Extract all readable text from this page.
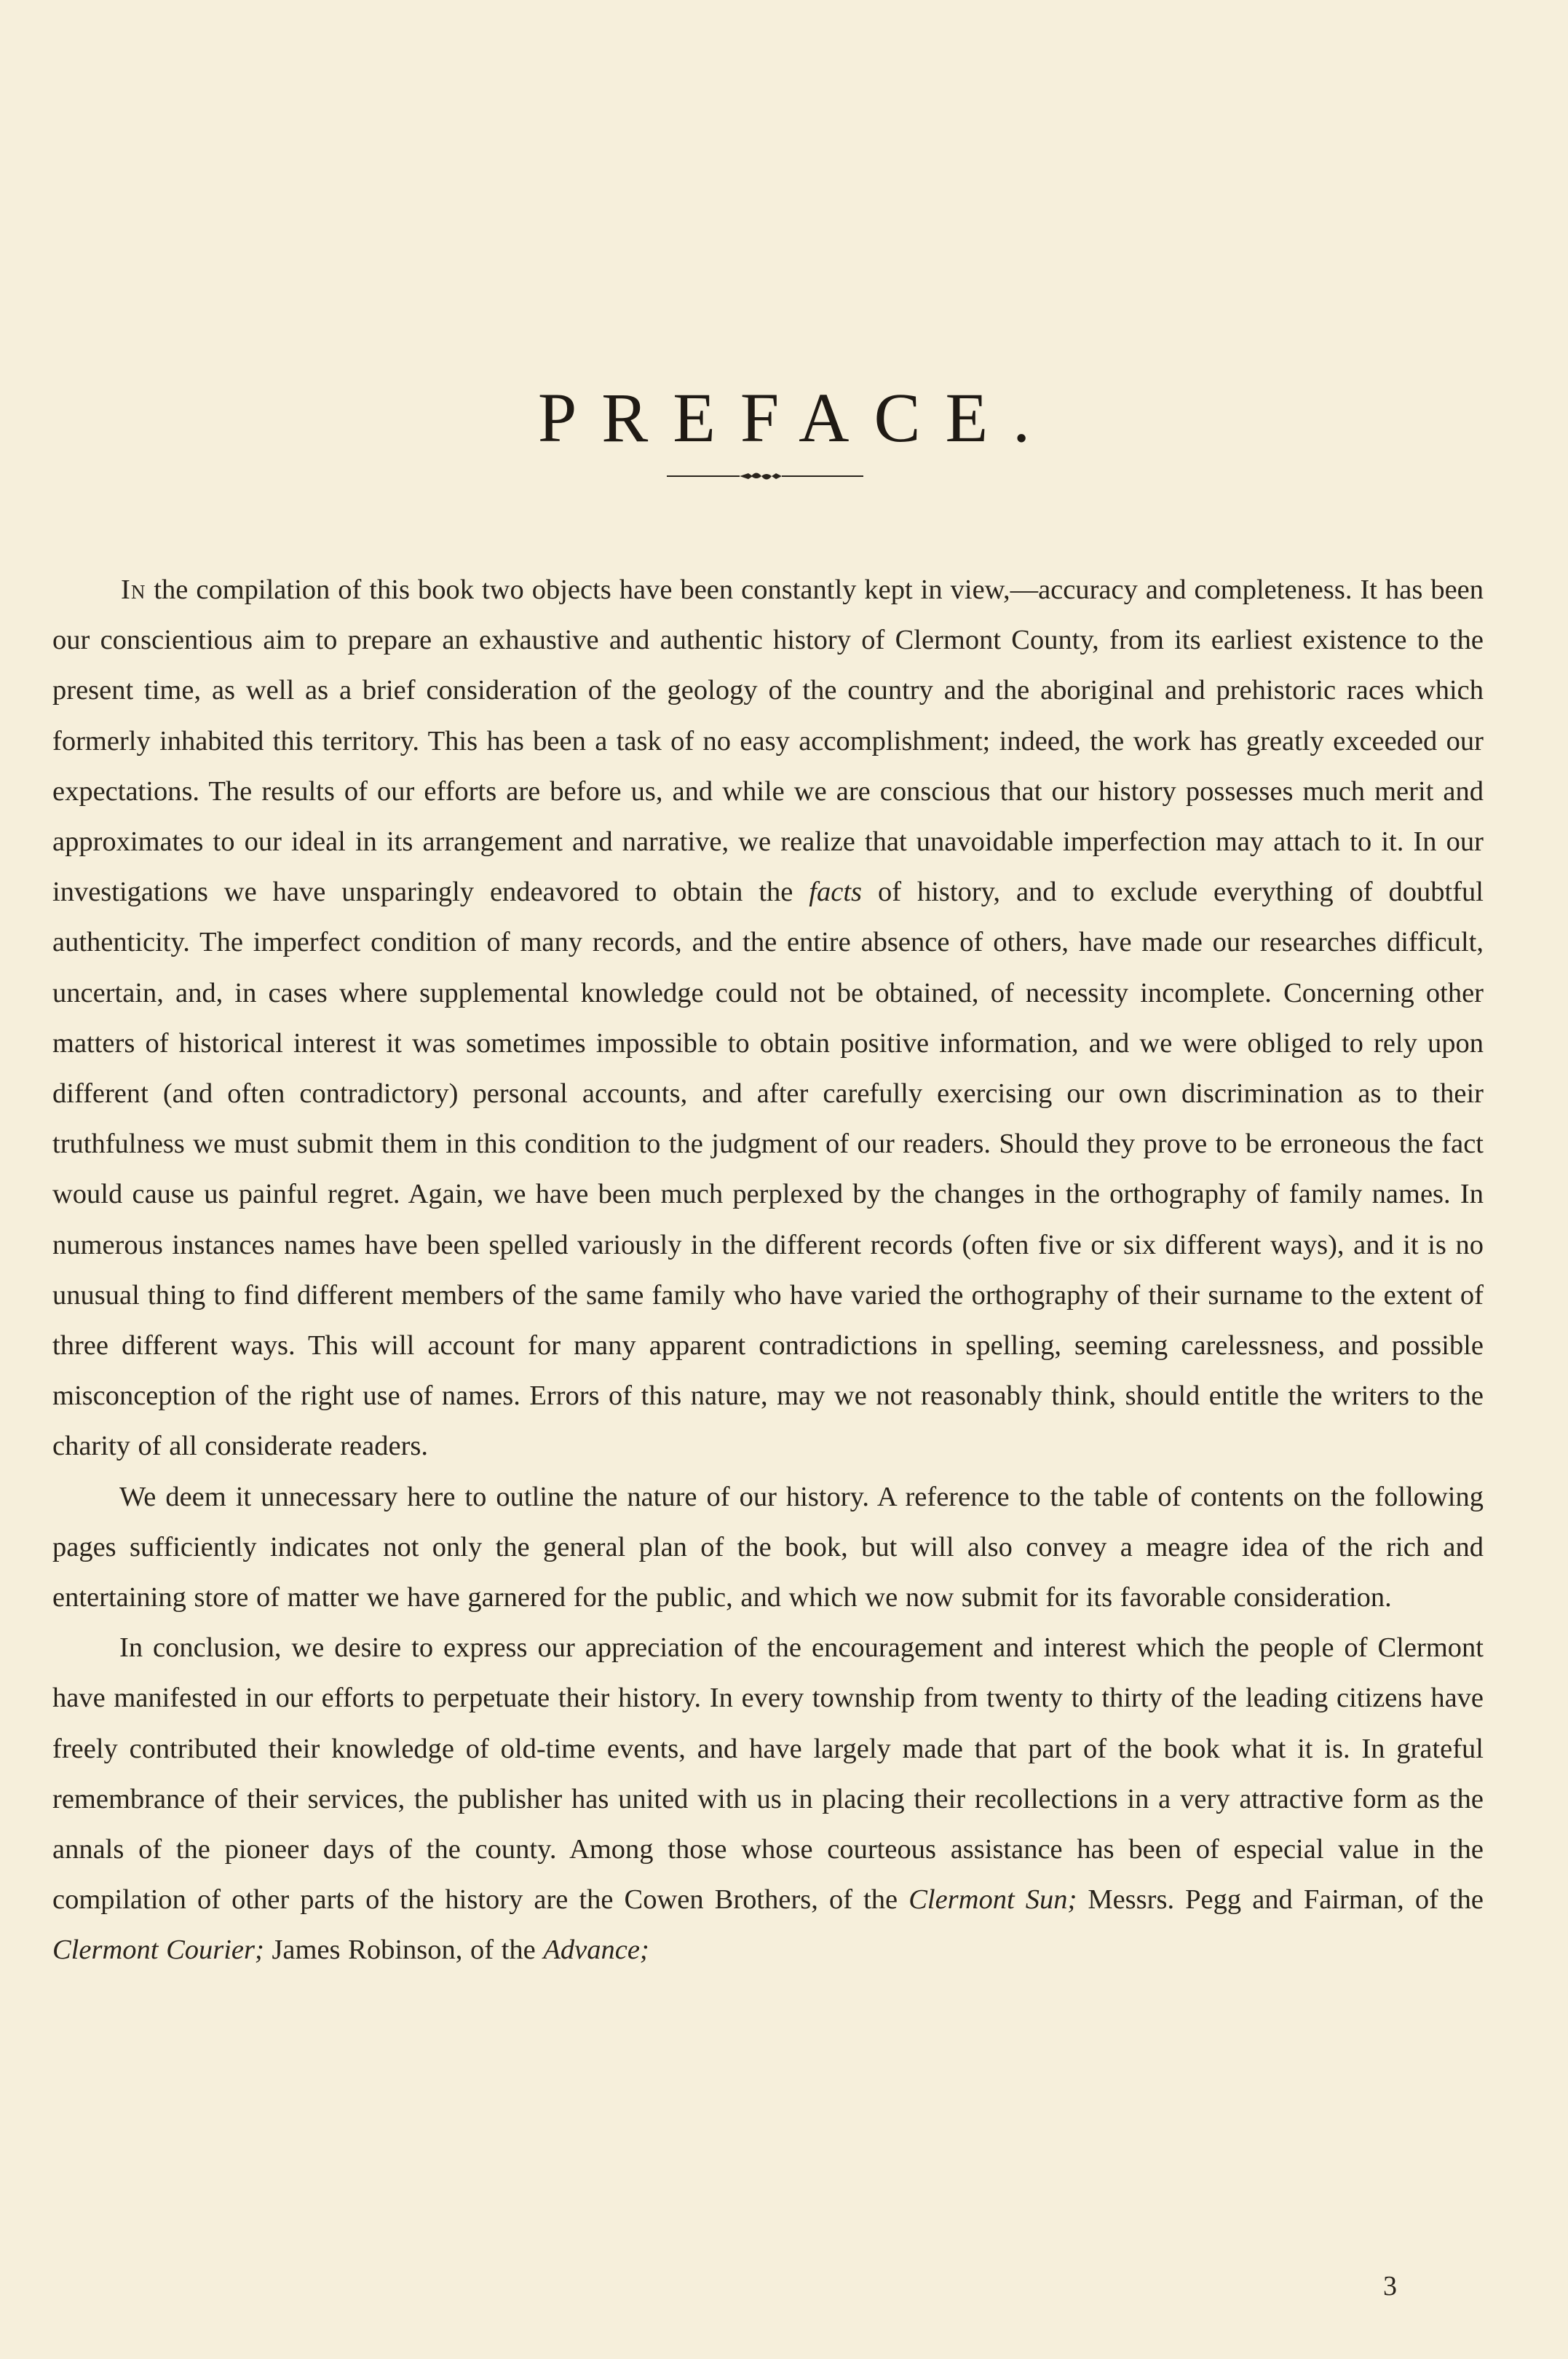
PREFACE.

In the compilation of this book two objects have been constantly kept in view,—accuracy and completeness. It has been our conscientious aim to prepare an exhaustive and authentic history of Clermont County, from its earliest existence to the present time, as well as a brief consideration of the geology of the country and the aboriginal and prehistoric races which formerly inhabited this territory. This has been a task of no easy accomplishment; indeed, the work has greatly exceeded our expectations. The results of our efforts are before us, and while we are conscious that our history possesses much merit and approximates to our ideal in its arrangement and narrative, we realize that unavoidable imperfection may attach to it. In our investigations we have unsparingly endeavored to obtain the facts of history, and to exclude everything of doubtful authenticity. The imperfect condition of many records, and the entire absence of others, have made our researches difficult, uncertain, and, in cases where supplemental knowledge could not be obtained, of necessity incomplete. Concerning other matters of historical interest it was sometimes impossible to obtain positive information, and we were obliged to rely upon different (and often contradictory) personal accounts, and after carefully exercising our own discrimination as to their truthfulness we must submit them in this condition to the judgment of our readers. Should they prove to be erroneous the fact would cause us painful regret. Again, we have been much perplexed by the changes in the orthography of family names. In numerous instances names have been spelled variously in the different records (often five or six different ways), and it is no unusual thing to find different members of the same family who have varied the orthography of their surname to the extent of three different ways. This will account for many apparent contradictions in spelling, seeming carelessness, and possible misconception of the right use of names. Errors of this nature, may we not reasonably think, should entitle the writers to the charity of all considerate readers.

We deem it unnecessary here to outline the nature of our history. A reference to the table of contents on the following pages sufficiently indicates not only the general plan of the book, but will also convey a meagre idea of the rich and entertaining store of matter we have garnered for the public, and which we now submit for its favorable consideration.

In conclusion, we desire to express our appreciation of the encouragement and interest which the people of Clermont have manifested in our efforts to perpetuate their history. In every township from twenty to thirty of the leading citizens have freely contributed their knowledge of old-time events, and have largely made that part of the book what it is. In grateful remembrance of their services, the publisher has united with us in placing their recollections in a very attractive form as the annals of the pioneer days of the county. Among those whose courteous assistance has been of especial value in the compilation of other parts of the history are the Cowen Brothers, of the Clermont Sun; Messrs. Pegg and Fairman, of the Clermont Courier; James Robinson, of the Advance;

3
